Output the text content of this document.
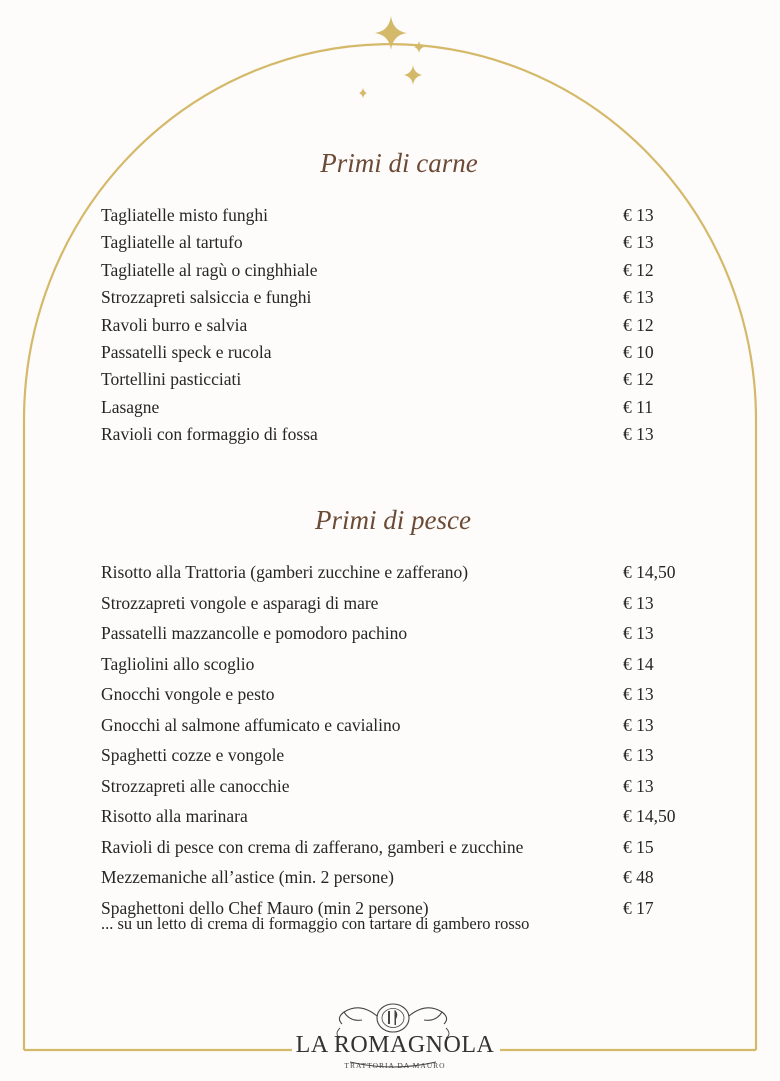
Primi di carne
Tagliatelle misto funghi	€ 13
Tagliatelle al tartufo	€ 13
Tagliatelle al ragù o cinghhiale	€ 12
Strozzapreti salsiccia e funghi	€ 13
Ravoli burro e salvia	€ 12
Passatelli speck e rucola	€ 10
Tortellini pasticciati	€ 12
Lasagne	€ 11
Ravioli con formaggio di fossa	€ 13
Primi di pesce
Risotto alla Trattoria (gamberi zucchine e zafferano)	€ 14,50
Strozzapreti vongole e asparagi di mare	€ 13
Passatelli mazzancolle e pomodoro pachino	€ 13
Tagliolini allo scoglio	€ 14
Gnocchi vongole e pesto	€ 13
Gnocchi al salmone affumicato e cavialino	€ 13
Spaghetti cozze e vongole	€ 13
Strozzapreti alle canocchie	€ 13
Risotto alla marinara	€ 14,50
Ravioli di pesce con crema di zafferano, gamberi e zucchine	€ 15
Mezzemaniche all’astice (min. 2 persone)	€ 48
Spaghettoni dello Chef Mauro (min 2 persone)	€ 17
... su un letto di crema di formaggio con tartare di gambero rosso
LA ROMAGNOLA
TRATTORIA DA MAURO
